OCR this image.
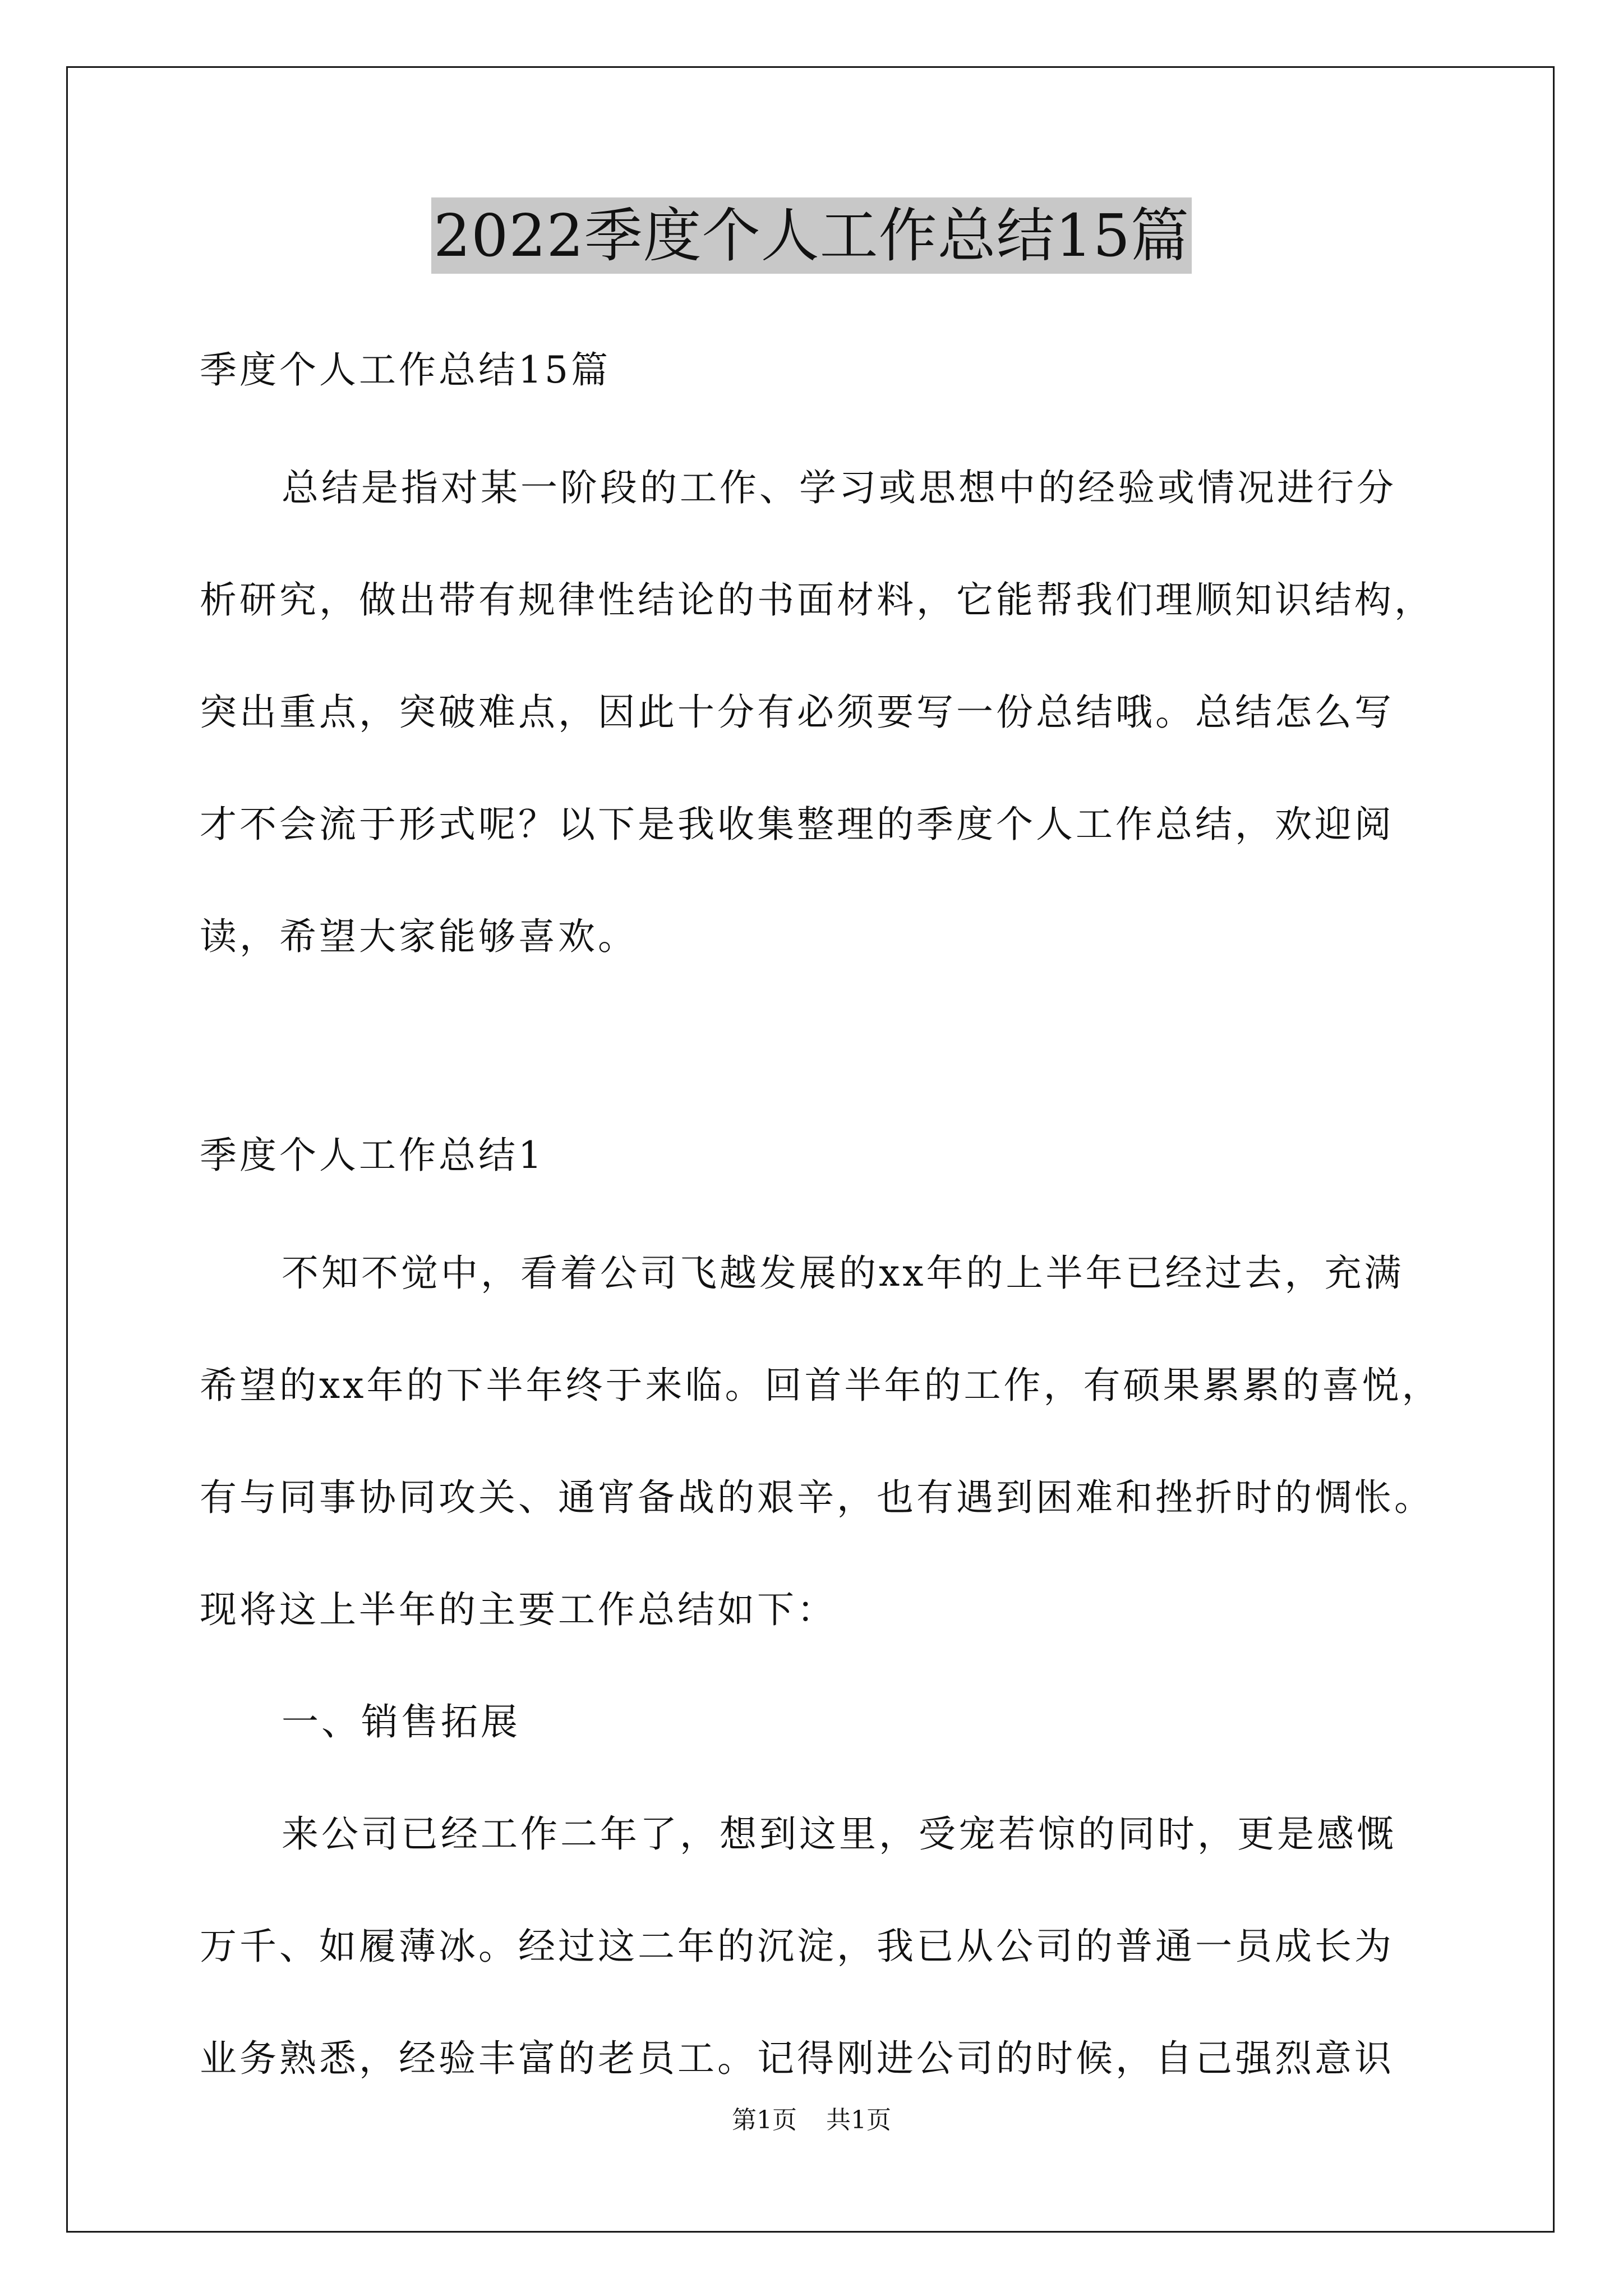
2022季度个人工作总结15篇
季度个人工作总结15篇
总结是指对某一阶段的工作、学习或思想中的经验或情况进行分
析研究，做出带有规律性结论的书面材料，它能帮我们理顺知识结构，
突出重点，突破难点，因此十分有必须要写一份总结哦。总结怎么写
才不会流于形式呢？以下是我收集整理的季度个人工作总结，欢迎阅
读，希望大家能够喜欢。
季度个人工作总结1
不知不觉中，看着公司飞越发展的xx年的上半年已经过去，充满
希望的xx年的下半年终于来临。回首半年的工作，有硕果累累的喜悦，
有与同事协同攻关、通宵备战的艰辛，也有遇到困难和挫折时的惆怅。
现将这上半年的主要工作总结如下：
一、销售拓展
来公司已经工作二年了，想到这里，受宠若惊的同时，更是感慨
万千、如履薄冰。经过这二年的沉淀，我已从公司的普通一员成长为
业务熟悉，经验丰富的老员工。记得刚进公司的时候，自己强烈意识
第1页 共1页
